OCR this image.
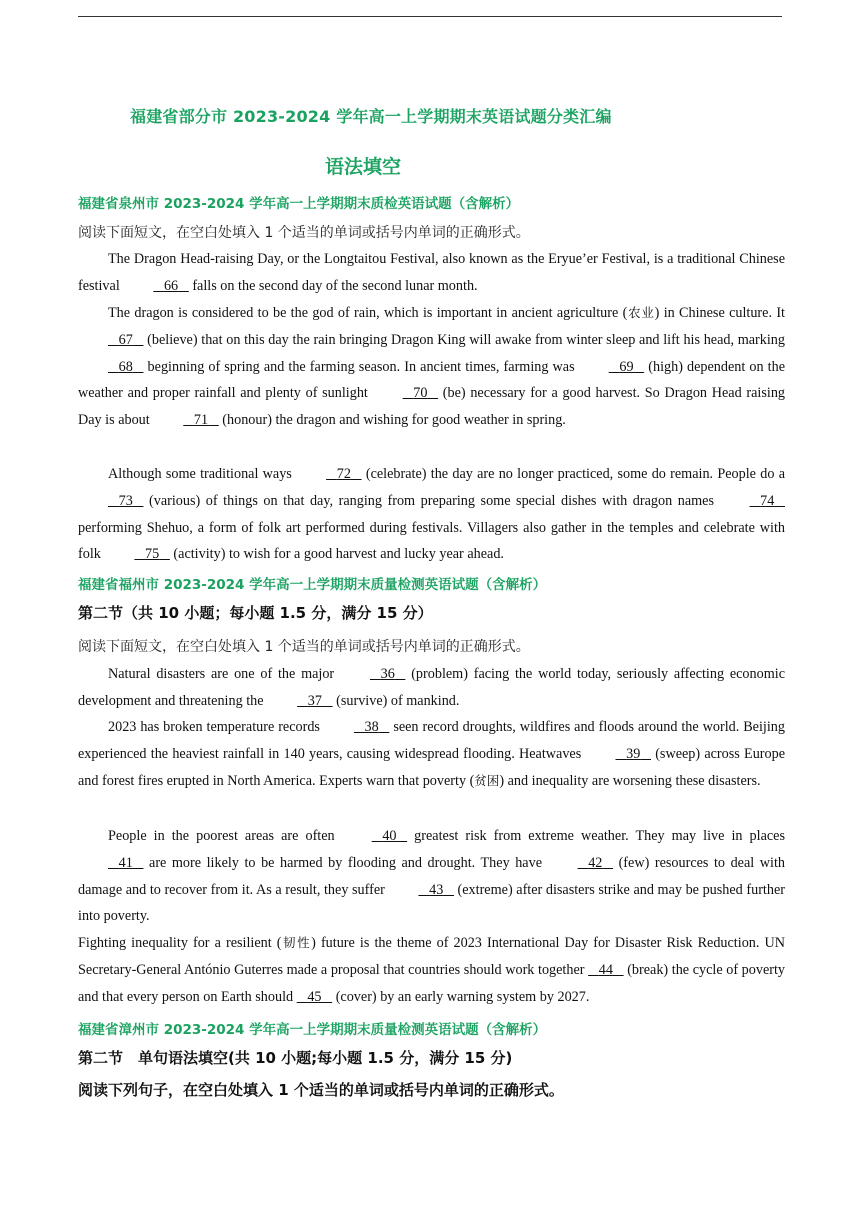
福建省部分市 2023-2024 学年高一上学期期末英语试题分类汇编
语法填空
福建省泉州市 2023-2024 学年高一上学期期末质检英语试题（含解析）
阅读下面短文，在空白处填入 1 个适当的单词或括号内单词的正确形式。

The Dragon Head-raising Day, or the Longtaitou Festival, also known as the Eryue’er Festival, is a traditional Chinese festival	66 falls on the second day of the second lunar month.

The dragon is considered to be the god of rain, which is important in ancient agriculture (农业) in Chinese culture. It 67 (believe) that on this day the rain bringing Dragon King will awake from winter sleep and lift his head, marking 68 beginning of spring and the farming season. In ancient times, farming was	69 (high) dependent on the weather and proper rainfall and plenty of sunlight	70 (be) necessary for a good harvest. So Dragon Head raising Day is about	71 (honour) the dragon and wishing for good weather in spring.

Although some traditional ways	72 (celebrate) the day are no longer practiced, some do remain. People do a 73 (various) of things on that day, ranging from preparing some special dishes with dragon names	74 performing Shehuo, a form of folk art performed during festivals. Villagers also gather in the temples and celebrate with folk	75 (activity) to wish for a good harvest and lucky year ahead.

福建省福州市 2023-2024 学年高一上学期期末质量检测英语试题（含解析）
第二节（共 10 小题；每小题 1.5 分，满分 15 分）
阅读下面短文，在空白处填入 1 个适当的单词或括号内单词的正确形式。

Natural disasters are one of the major	36 (problem) facing the world today, seriously affecting economic development and threatening the	37 (survive) of mankind.

2023 has broken temperature records	38 seen record droughts, wildfires and floods around the world. Beijing experienced the heaviest rainfall in 140 years, causing widespread flooding. Heatwaves	39 (sweep) across Europe and forest fires erupted in North America. Experts warn that poverty (贫困) and inequality are worsening these disasters.

People in the poorest areas are often	40 greatest risk from extreme weather. They may live in places 41 are more likely to be harmed by flooding and drought. They have	42 (few) resources to deal with damage and to recover from it. As a result, they suffer	43 (extreme) after disasters strike and may be pushed further into poverty.

Fighting inequality for a resilient (韧性) future is the theme of 2023 International Day for Disaster Risk Reduction. UN Secretary-General António Guterres made a proposal that countries should work together 44 (break) the cycle of poverty and that every person on Earth should 45 (cover) by an early warning system by 2027.

福建省漳州市 2023-2024 学年高一上学期期末质量检测英语试题（含解析）
第二节　单句语法填空(共 10 小题;每小题 1.5 分，满分 15 分)
阅读下列句子，在空白处填入 1 个适当的单词或括号内单词的正确形式。
